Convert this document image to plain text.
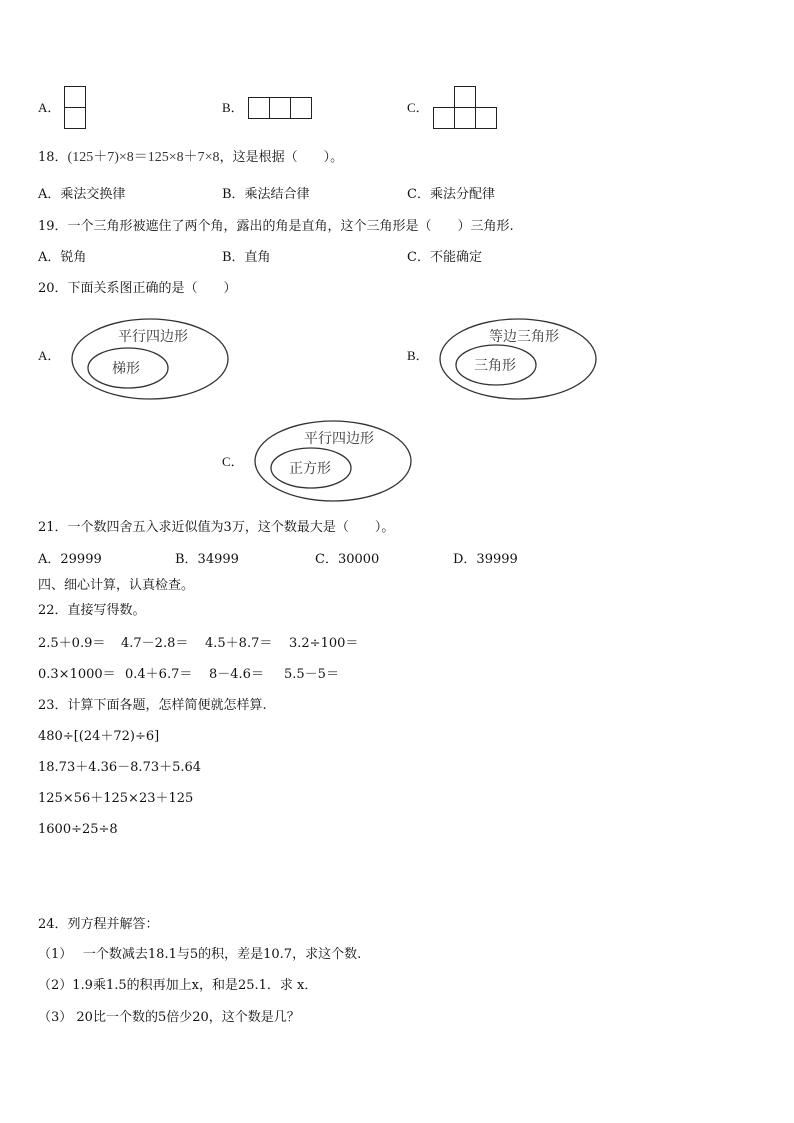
A．	B．	C．
18．(125＋7)×8＝125×8＋7×8，这是根据（　　）。
A．乘法交换律	B．乘法结合律	C．乘法分配律
19．一个三角形被遮住了两个角，露出的角是直角，这个三角形是（　　）三角形.
A．锐角	B．直角	C．不能确定
20．下面关系图正确的是（　　）
A．
平行四边形
梯形
B．
等边三角形
三角形
C．
平行四边形
正方形
21．一个数四舍五入求近似值为3万，这个数最大是（　　）。
A．29999	B．34999	C．30000	D．39999
四、细心计算，认真检查。
22．直接写得数。
2.5＋0.9＝ 4.7－2.8＝ 4.5＋8.7＝ 3.2÷100＝
0.3×1000＝ 0.4＋6.7＝ 8－4.6＝ 5.5－5＝
23．计算下面各题，怎样简便就怎样算.
480÷[(24＋72)÷6]
18.73＋4.36－8.73＋5.64
125×56＋125×23＋125
1600÷25÷8
24．列方程并解答：
（1）　 一个数减去18.1与5的积，差是10.7，求这个数.
（2）1.9乘1.5的积再加上x，和是25.1．求 x．
（3） 20比一个数的5倍少20，这个数是几？
